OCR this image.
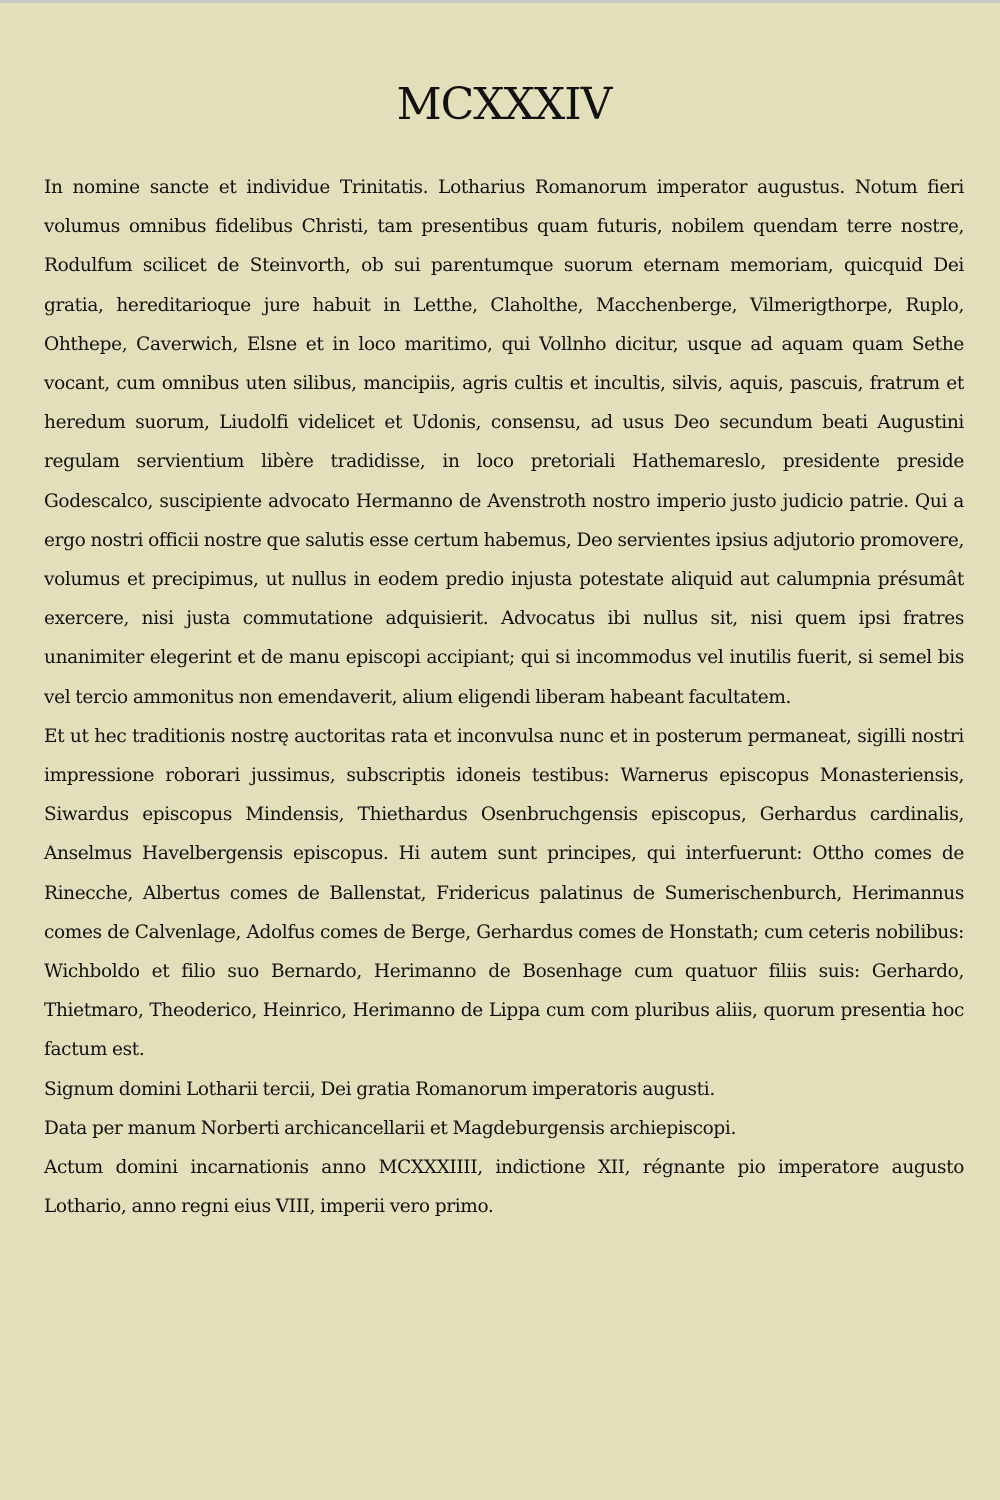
MCXXXIV

In nomine sancte et individue Trinitatis. Lotharius Romanorum imperator augustus. Notum fieri volumus omnibus fidelibus Christi, tam presentibus quam futuris, nobilem quendam terre nostre, Rodulfum scilicet de Steinvorth, ob sui parentumque suorum eternam memoriam, quicquid Dei gratia, hereditarioque jure habuit in Letthe, Claholthe, Macchenberge, Vilmerigthorpe, Ruplo, Ohthepe, Caverwich, Elsne et in loco maritimo, qui Vollnho dicitur, usque ad aquam quam Sethe vocant, cum omnibus uten silibus, mancipiis, agris cultis et incultis, silvis, aquis, pascuis, fratrum et heredum suorum, Liudolfi videlicet et Udonis, consensu, ad usus Deo secundum beati Augustini regulam servientium libère tradidisse, in loco pretoriali Hathemareslo, presidente preside Godescalco, suscipiente advocato Hermanno de Avenstroth nostro imperio justo judicio patrie. Qui a ergo nostri officii nostre que salutis esse certum habemus, Deo servientes ipsius adjutorio promovere, volumus et precipimus, ut nullus in eodem predio injusta potestate aliquid aut calumpnia présumât exercere, nisi justa commutatione adquisierit. Advocatus ibi nullus sit, nisi quem ipsi fratres unanimiter elegerint et de manu episcopi accipiant; qui si incommodus vel inutilis fuerit, si semel bis vel tercio ammonitus non emendaverit, alium eligendi liberam habeant facultatem.

Et ut hec traditionis nostrę auctoritas rata et inconvulsa nunc et in posterum permaneat, sigilli nostri impressione roborari jussimus, subscriptis idoneis testibus: Warnerus episcopus Monasteriensis, Siwardus episcopus Mindensis, Thiethardus Osenbruchgensis episcopus, Gerhardus cardinalis, Anselmus Havelbergensis episcopus. Hi autem sunt principes, qui interfuerunt: Ottho comes de Rinecche, Albertus comes de Ballenstat, Fridericus palatinus de Sumerischenburch, Herimannus comes de Calvenlage, Adolfus comes de Berge, Gerhardus comes de Honstath; cum ceteris nobilibus: Wichboldo et filio suo Bernardo, Herimanno de Bosenhage cum quatuor filiis suis: Gerhardo, Thietmaro, Theoderico, Heinrico, Herimanno de Lippa cum com pluribus aliis, quorum presentia hoc factum est.

Signum domini Lotharii tercii, Dei gratia Romanorum imperatoris augusti.

Data per manum Norberti archicancellarii et Magdeburgensis archiepiscopi.

Actum domini incarnationis anno MCXXXIIII, indictione XII, régnante pio imperatore augusto Lothario, anno regni eius VIII, imperii vero primo.
